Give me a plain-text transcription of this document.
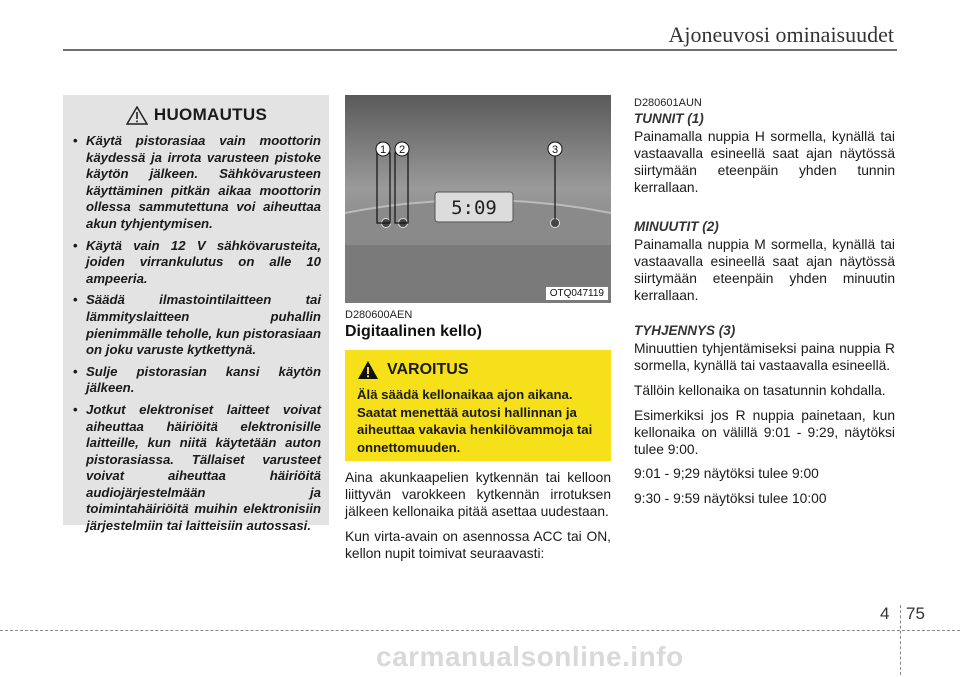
Ajoneuvosi ominaisuudet
HUOMAUTUS
• Käytä pistorasiaa vain moottorin käydessä ja irrota varusteen pistoke käytön jälkeen. Sähkövarusteen käyttäminen pitkän aikaa moottorin ollessa sammutettuna voi aiheuttaa akun tyhjentymisen.
• Käytä vain 12 V sähkövarusteita, joiden virrankulutus on alle 10 ampeeria.
• Säädä ilmastointilaitteen tai lämmityslaitteen puhallin pienimmälle teholle, kun pistorasiaan on joku varuste kytkettynä.
• Sulje pistorasian kansi käytön jälkeen.
• Jotkut elektroniset laitteet voivat aiheuttaa häiriöitä elektronisille laitteille, kun niitä käytetään auton pistorasiassa. Tällaiset varusteet voivat aiheuttaa häiriöitä audiojärjestelmään ja toimintahäiriöitä muihin elektronisiin järjestelmiin tai laitteisiin autossasi.
5:09
1 2	3
OTQ047119
D280600AEN
Digitaalinen kello)
VAROITUS
Älä säädä kellonaikaa ajon aikana. Saatat menettää autosi hallinnan ja aiheuttaa vakavia henkilövammoja tai onnettomuuden.

Aina akunkaapelien kytkennän tai kelloon liittyvän varokkeen kytkennän irrotuksen jälkeen kellonaika pitää asettaa uudestaan.

Kun virta-avain on asennossa ACC tai ON, kellon nupit toimivat seuraavasti:

D280601AUN
TUNNIT (1)

Painamalla nuppia H sormella, kynällä tai vastaavalla esineellä saat ajan näytössä siirtymään eteenpäin yhden tunnin kerrallaan.

MINUUTIT (2)

Painamalla nuppia M sormella, kynällä tai vastaavalla esineellä saat ajan näytössä siirtymään eteenpäin yhden minuutin kerrallaan.

TYHJENNYS (3)

Minuuttien tyhjentämiseksi paina nuppia R sormella, kynällä tai vastaavalla esineellä.

Tällöin kellonaika on tasatunnin kohdalla.

Esimerkiksi jos R nuppia painetaan, kun kellonaika on välillä 9:01 - 9:29, näytöksi tulee 9:00.

9:01 - 9;29 näytöksi tulee 9:00

9:30 - 9:59 näytöksi tulee 10:00

4 75
carmanualsonline.info
